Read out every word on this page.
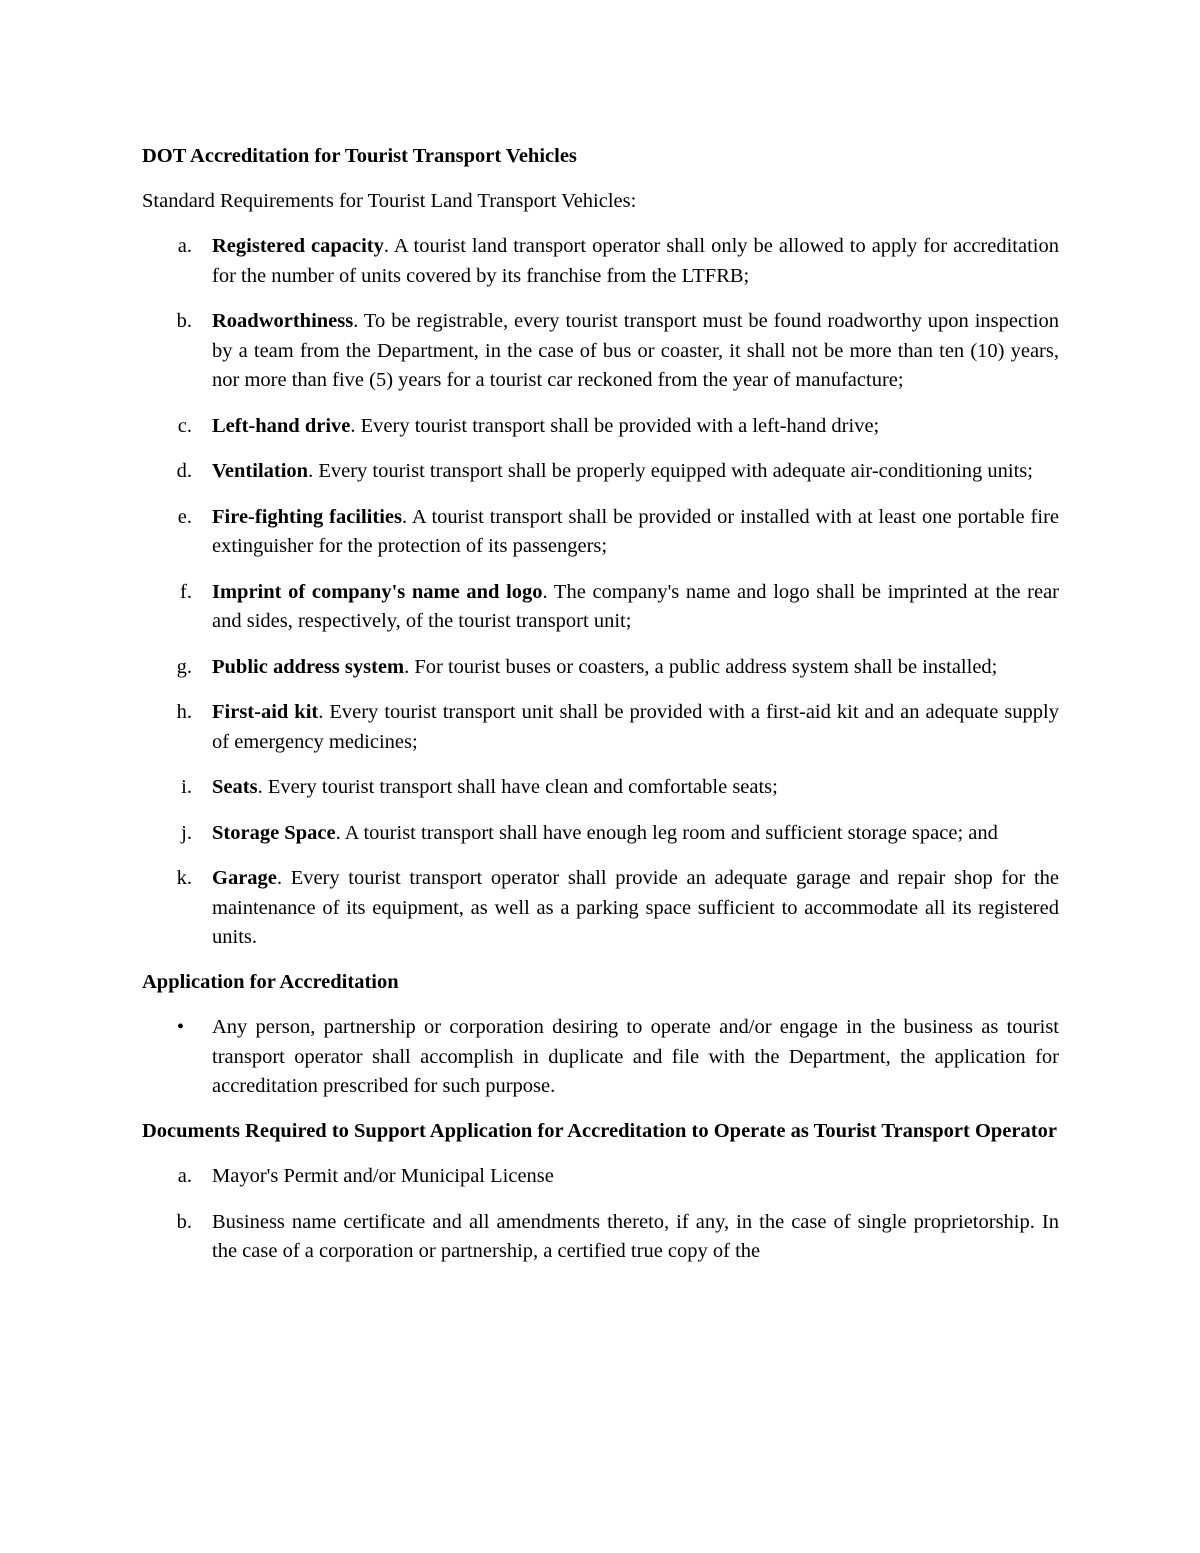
DOT Accreditation for Tourist Transport Vehicles

Standard Requirements for Tourist Land Transport Vehicles:

a. Registered capacity. A tourist land transport operator shall only be allowed to apply for accreditation for the number of units covered by its franchise from the LTFRB;
b. Roadworthiness. To be registrable, every tourist transport must be found roadworthy upon inspection by a team from the Department, in the case of bus or coaster, it shall not be more than ten (10) years, nor more than five (5) years for a tourist car reckoned from the year of manufacture;
c. Left-hand drive. Every tourist transport shall be provided with a left-hand drive;
d. Ventilation. Every tourist transport shall be properly equipped with adequate air-conditioning units;
e. Fire-fighting facilities. A tourist transport shall be provided or installed with at least one portable fire extinguisher for the protection of its passengers;
f. Imprint of company's name and logo. The company's name and logo shall be imprinted at the rear and sides, respectively, of the tourist transport unit;
g. Public address system. For tourist buses or coasters, a public address system shall be installed;
h. First-aid kit. Every tourist transport unit shall be provided with a first-aid kit and an adequate supply of emergency medicines;
i. Seats. Every tourist transport shall have clean and comfortable seats;
j. Storage Space. A tourist transport shall have enough leg room and sufficient storage space; and
k. Garage. Every tourist transport operator shall provide an adequate garage and repair shop for the maintenance of its equipment, as well as a parking space sufficient to accommodate all its registered units.
Application for Accreditation
• Any person, partnership or corporation desiring to operate and/or engage in the business as tourist transport operator shall accomplish in duplicate and file with the Department, the application for accreditation prescribed for such purpose.
Documents Required to Support Application for Accreditation to Operate as Tourist Transport Operator
a. Mayor's Permit and/or Municipal License
b. Business name certificate and all amendments thereto, if any, in the case of single proprietorship. In the case of a corporation or partnership, a certified true copy of the
